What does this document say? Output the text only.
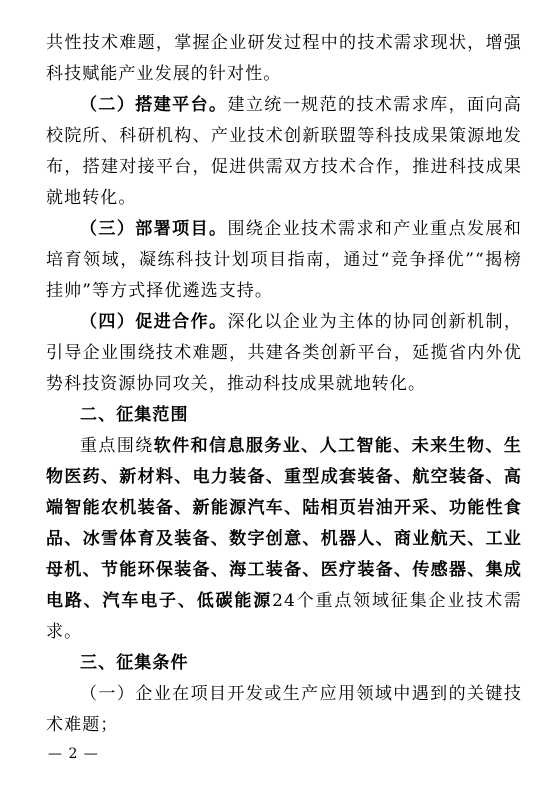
共性技术难题，掌握企业研发过程中的技术需求现状，增强科技赋能产业发展的针对性。

（二）搭建平台。建立统一规范的技术需求库，面向高校院所、科研机构、产业技术创新联盟等科技成果策源地发布，搭建对接平台，促进供需双方技术合作，推进科技成果就地转化。

（三）部署项目。围绕企业技术需求和产业重点发展和培育领域，凝练科技计划项目指南，通过“竞争择优”“揭榜挂帅”等方式择优遴选支持。

（四）促进合作。深化以企业为主体的协同创新机制，引导企业围绕技术难题，共建各类创新平台，延揽省内外优势科技资源协同攻关，推动科技成果就地转化。

二、征集范围

重点围绕软件和信息服务业、人工智能、未来生物、生物医药、新材料、电力装备、重型成套装备、航空装备、高端智能农机装备、新能源汽车、陆相页岩油开采、功能性食品、冰雪体育及装备、数字创意、机器人、商业航天、工业母机、节能环保装备、海工装备、医疗装备、传感器、集成电路、汽车电子、低碳能源24个重点领域征集企业技术需求。

三、征集条件

（一）企业在项目开发或生产应用领域中遇到的关键技术难题；

— 2 —
